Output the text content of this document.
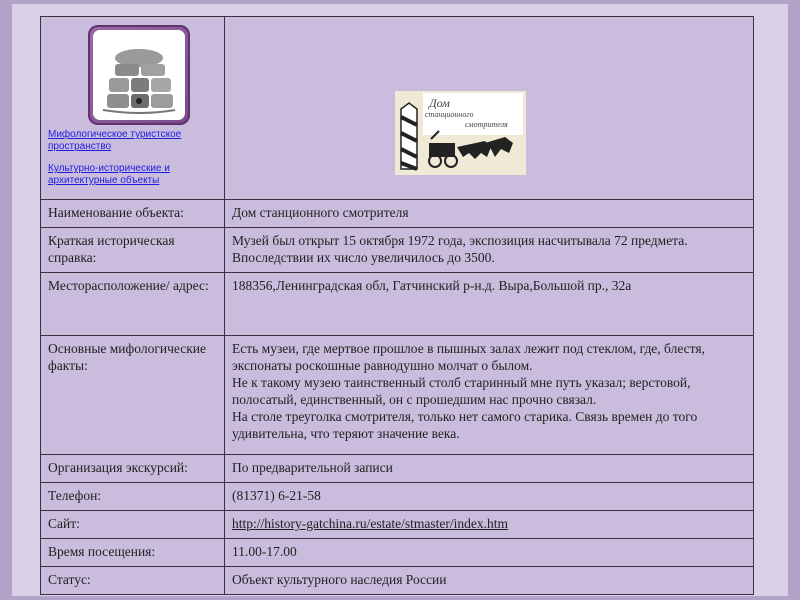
Мифологическое туристское пространство
Культурно-исторические и архитектурные объекты	Дом
станционного
смотрителя

Наименование объекта:	Дом станционного смотрителя
Краткая историческая справка:	Музей был открыт 15 октября 1972 года, экспозиция насчитывала 72 предмета. Впоследствии их число увеличилось до 3500.
Месторасположение/ адрес:	188356,Ленинградская обл, Гатчинский р-н.д. Выра,Большой пр., 32а
Основные мифологические факты:	Есть музеи, где мертвое прошлое в пышных залах лежит под стеклом, где, блестя, экспонаты роскошные равнодушно молчат о былом.
Не к такому музею таинственный столб старинный мне путь указал; верстовой, полосатый, единственный, он с прошедшим нас прочно связал.
На столе треуголка смотрителя, только нет самого старика. Связь времен до того удивительна, что теряют значение века.
Организация экскурсий:	По предварительной записи
Телефон:	(81371) 6-21-58
Сайт:	http://history-gatchina.ru/estate/stmaster/index.htm
Время посещения:	11.00-17.00
Статус:	Объект культурного наследия России
